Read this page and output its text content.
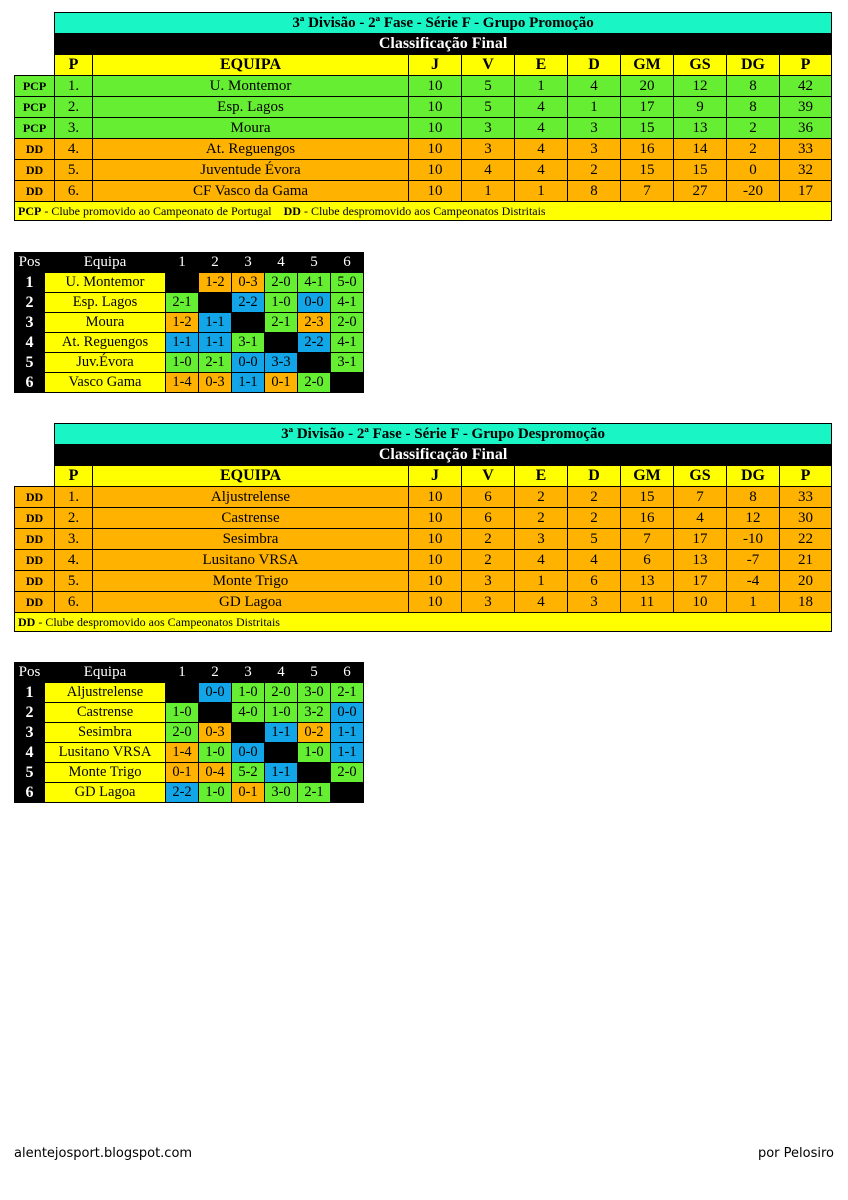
	3ª Divisão - 2ª Fase - Série F - Grupo Promoção									
	Classificação Final									
	P	EQUIPA	J	V	E	D	GM	GS	DG	P
PCP	1.	U. Montemor	10	5	1	4	20	12	8	42
PCP	2.	Esp. Lagos	10	5	4	1	17	9	8	39
PCP	3.	Moura	10	3	4	3	15	13	2	36
DD	4.	At. Reguengos	10	3	4	3	16	14	2	33
DD	5.	Juventude Évora	10	4	4	2	15	15	0	32
DD	6.	CF Vasco da Gama	10	1	1	8	7	27	-20	17
PCP - Clube promovido ao Campeonato de Portugal DD - Clube despromovido aos Campeonatos Distritais										
Pos	Equipa	1	2	3	4	5	6
1	U. Montemor		1-2	0-3	2-0	4-1	5-0
2	Esp. Lagos	2-1		2-2	1-0	0-0	4-1
3	Moura	1-2	1-1		2-1	2-3	2-0
4	At. Reguengos	1-1	1-1	3-1		2-2	4-1
5	Juv.Évora	1-0	2-1	0-0	3-3		3-1
6	Vasco Gama	1-4	0-3	1-1	0-1	2-0	
	3ª Divisão - 2ª Fase - Série F - Grupo Despromoção									
	Classificação Final									
	P	EQUIPA	J	V	E	D	GM	GS	DG	P
DD	1.	Aljustrelense	10	6	2	2	15	7	8	33
DD	2.	Castrense	10	6	2	2	16	4	12	30
DD	3.	Sesimbra	10	2	3	5	7	17	-10	22
DD	4.	Lusitano VRSA	10	2	4	4	6	13	-7	21
DD	5.	Monte Trigo	10	3	1	6	13	17	-4	20
DD	6.	GD Lagoa	10	3	4	3	11	10	1	18
DD - Clube despromovido aos Campeonatos Distritais										
Pos	Equipa	1	2	3	4	5	6
1	Aljustrelense		0-0	1-0	2-0	3-0	2-1
2	Castrense	1-0		4-0	1-0	3-2	0-0
3	Sesimbra	2-0	0-3		1-1	0-2	1-1
4	Lusitano VRSA	1-4	1-0	0-0		1-0	1-1
5	Monte Trigo	0-1	0-4	5-2	1-1		2-0
6	GD Lagoa	2-2	1-0	0-1	3-0	2-1	
alentejosport.blogspot.com	por Pelosiro
